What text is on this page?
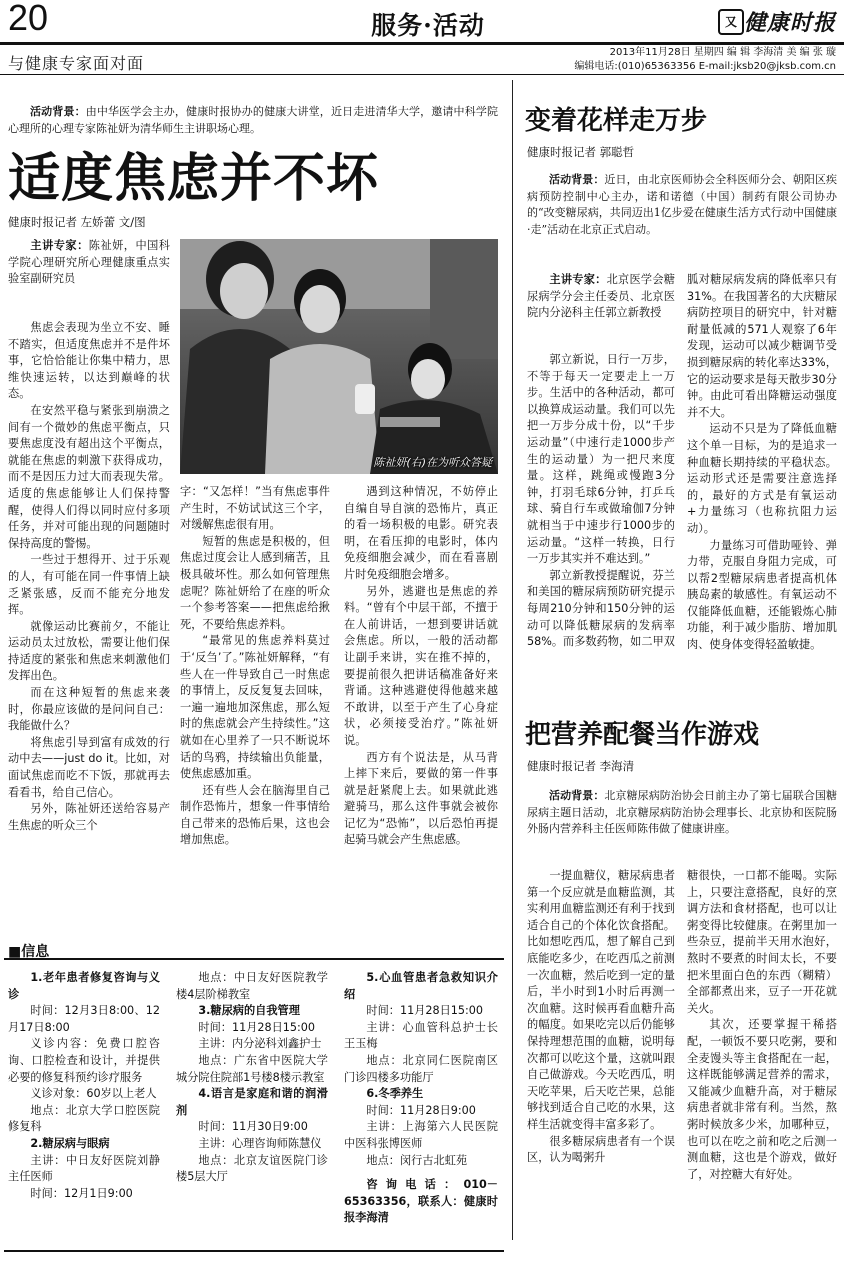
20	服务·活动	又 健康时报
与健康专家面对面
2013年11月28日 星期四 编 辑 李海清 美 编 张 璇
编辑电话:(010)65363356 E-mail:jksb20@jksb.com.cn
活动背景：由中华医学会主办，健康时报协办的健康大讲堂，近日走进清华大学，邀请中科学院心理所的心理专家陈祉妍为清华师生主讲职场心理。
适度焦虑并不坏
健康时报记者 左娇蕾 文/图
主讲专家：陈祉妍，中国科学院心理研究所心理健康重点实验室副研究员

焦虑会表现为坐立不安、睡不踏实，但适度焦虑并不是件坏事，它恰恰能让你集中精力，思维快速运转，以达到巅峰的状态。

在安然平稳与紧张到崩溃之间有一个微妙的焦虑平衡点，只要焦虑度没有超出这个平衡点，就能在焦虑的刺激下获得成功，而不是因压力过大而表现失常。适度的焦虑能够让人们保持警醒，使得人们得以同时应付多项任务，并对可能出现的问题随时保持高度的警惕。

一些过于想得开、过于乐观的人，有可能在同一件事情上缺乏紧张感，反而不能充分地发挥。

就像运动比赛前夕，不能让运动员太过放松，需要让他们保持适度的紧张和焦虑来刺激他们发挥出色。

而在这种短暂的焦虑来袭时，你最应该做的是问问自己：我能做什么？

将焦虑引导到富有成效的行动中去——just do it。比如，对面试焦虑而吃不下饭，那就再去看看书，给自己信心。

另外，陈祉妍还送给容易产生焦虑的听众三个

陈祉妍(右)在为听众答疑

字：“又怎样！”当有焦虑事件产生时，不妨试试这三个字，对缓解焦虑很有用。

短暂的焦虑是积极的，但焦虑过度会让人感到痛苦，且极具破坏性。那么如何管理焦虑呢？陈祉妍给了在座的听众一个参考答案——把焦虑给揪死，不要给焦虑养料。

“最常见的焦虑养料莫过于‘反刍’了。”陈祉妍解释，“有些人在一件导致自己一时焦虑的事情上，反反复复去回味，一遍一遍地加深焦虑，那么短时的焦虑就会产生持续性。”这就如在心里养了一只不断说坏话的鸟鸦，持续输出负能量，使焦虑感加重。

还有些人会在脑海里自己制作恐怖片，想象一件事情给自己带来的恐怖后果，这也会增加焦虑。

遇到这种情况，不妨停止自编自导自演的恐怖片，真正的看一场积极的电影。研究表明，在看压抑的电影时，体内免疫细胞会减少，而在看喜剧片时免疫细胞会增多。

另外，逃避也是焦虑的养料。“曾有个中层干部，不擅于在人前讲话，一想到要讲话就会焦虑。所以，一般的活动都让副手来讲，实在推不掉的，要提前很久把讲话稿准备好来背诵。这种逃避使得他越来越不敢讲，以至于产生了心身症状，必须接受治疗。”陈祉妍说。

西方有个说法是，从马背上摔下来后，要做的第一件事就是赶紧爬上去。如果就此逃避骑马，那么这件事就会被你记忆为“恐怖”，以后恐怕再提起骑马就会产生焦虑感。

变着花样走万步
健康时报记者 郭聪哲
活动背景：近日，由北京医师协会全科医师分会、朝阳区疾病预防控制中心主办，诺和诺德（中国）制药有限公司协办的“改变糖尿病，共同迈出1亿步爱在健康生活方式行动中国健康·走”活动在北京正式启动。
主讲专家：北京医学会糖尿病学分会主任委员、北京医院内分泌科主任郭立新教授

郭立新说，日行一万步，不等于每天一定要走上一万步。生活中的各种活动，都可以换算成运动量。我们可以先把一万步分成十份，以“千步运动量”（中速行走1000步产生的运动量）为一把尺来度量。这样，跳绳或慢跑3分钟，打羽毛球6分钟，打乒乓球、骑自行车或做瑜伽7分钟就相当于中速步行1000步的运动量。“这样一转换，日行一万步其实并不难达到。”

郭立新教授提醒说，芬兰和美国的糖尿病预防研究提示每周210分钟和150分钟的运动可以降低糖尿病的发病率58%。而多数药物，如二甲双

胍对糖尿病发病的降低率只有31%。在我国著名的大庆糖尿病防控项目的研究中，针对糖耐量低减的571人观察了6年发现，运动可以减少糖调节受损到糖尿病的转化率达33%，它的运动要求是每天散步30分钟。由此可看出降糖运动强度并不大。

运动不只是为了降低血糖这个单一目标，为的是追求一种血糖长期持续的平稳状态。运动形式还是需要注意选择的，最好的方式是有氧运动+力量练习（也称抗阻力运动）。

力量练习可借助哑铃、弹力带，克服自身阻力完成，可以帮2型糖尿病患者提高机体胰岛素的敏感性。有氧运动不仅能降低血糖，还能锻炼心肺功能，利于减少脂肪、增加肌肉、使身体变得轻盈敏捷。

把营养配餐当作游戏
健康时报记者 李海清
活动背景：北京糖尿病防治协会日前主办了第七届联合国糖尿病主题日活动，北京糖尿病防治协会理事长、北京协和医院肠外肠内营养科主任医师陈伟做了健康讲座。

一提血糖仪，糖尿病患者第一个反应就是血糖监测，其实利用血糖监测还有利于找到适合自己的个体化饮食搭配。比如想吃西瓜，想了解自己到底能吃多少，在吃西瓜之前测一次血糖，然后吃到一定的量后，半小时到1小时后再测一次血糖。这时候再看血糖升高的幅度。如果吃完以后仍能够保持理想范围的血糖，说明每次都可以吃这个量，这就叫跟自己做游戏。今天吃西瓜，明天吃苹果，后天吃芒果，总能够找到适合自己吃的水果，这样生活就变得丰富多彩了。

很多糖尿病患者有一个误区，认为喝粥升

糖很快，一口都不能喝。实际上，只要注意搭配，良好的烹调方法和食材搭配，也可以让粥变得比较健康。在粥里加一些杂豆，提前半天用水泡好，熬时不要煮的时间太长，不要把米里面白色的东西（糊精）全部都煮出来，豆子一开花就关火。

其次，还要掌握干稀搭配，一顿饭不要只吃粥，要和全麦馒头等主食搭配在一起，这样既能够满足营养的需求，又能减少血糖升高，对于糖尿病患者就非常有利。当然，熬粥时候放多少米，加哪种豆，也可以在吃之前和吃之后测一测血糖，这也是个游戏，做好了，对控糖大有好处。

■信息

1.老年患者修复咨询与义诊

时间：12月3日8:00、12月17日8:00

义诊内容：免费口腔咨询、口腔检查和设计，并提供必要的修复科预约诊疗服务

义诊对象：60岁以上老人

地点：北京大学口腔医院修复科

2.糖尿病与眼病

主讲：中日友好医院刘静主任医师

时间：12月1日9:00

地点：中日友好医院教学楼4层阶梯教室

3.糖尿病的自我管理

时间：11月28日15:00

主讲：内分泌科刘鑫护士

地点：广东省中医院大学城分院住院部1号楼8楼示教室

4.语言是家庭和谐的润滑剂

时间：11月30日9:00

主讲：心理咨询师陈慧仪

地点：北京友谊医院门诊楼5层大厅

5.心血管患者急救知识介绍

时间：11月28日15:00

主讲：心血管科总护士长王玉梅

地点：北京同仁医院南区门诊四楼多功能厅

6.冬季养生

时间：11月28日9:00

主讲：上海第六人民医院中医科张博医师

地点：闵行古北虹苑

咨询电话：010－65363356，联系人：健康时报李海清
